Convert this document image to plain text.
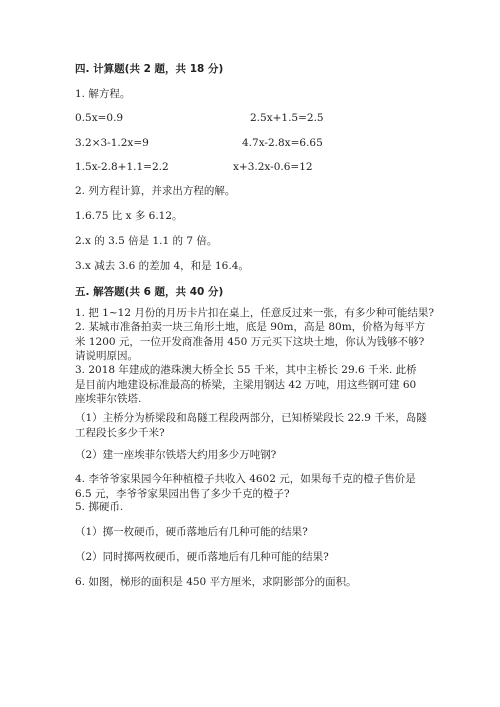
四. 计算题(共 2 题，共 18 分)
1. 解方程。
0.5x=0.9	2.5x+1.5=2.5
3.2×3-1.2x=9	4.7x-2.8x=6.65
1.5x-2.8+1.1=2.2	x+3.2x-0.6=12
2. 列方程计算，并求出方程的解。
1.6.75 比 x 多 6.12。
2.x 的 3.5 倍是 1.1 的 7 倍。
3.x 减去 3.6 的差加 4，和是 16.4。
五. 解答题(共 6 题，共 40 分)
1. 把 1~12 月份的月历卡片扣在桌上，任意反过来一张，有多少种可能结果?
2. 某城市准备拍卖一块三角形土地，底是 90m，高是 80m，价格为每平方米 1200 元，一位开发商准备用 450 万元买下这块土地，你认为钱够不够? 请说明原因。
3. 2018 年建成的港珠澳大桥全长 55 千米，其中主桥长 29.6 千米. 此桥是目前内地建设标准最高的桥梁，主梁用钢达 42 万吨，用这些钢可建 60 座埃菲尔铁塔.
（1）主桥分为桥梁段和岛隧工程段两部分，已知桥梁段长 22.9 千米，岛隧工程段长多少千米?
（2）建一座埃菲尔铁塔大约用多少万吨钢?
4. 李爷爷家果园今年种植橙子共收入 4602 元，如果每千克的橙子售价是 6.5 元，李爷爷家果园出售了多少千克的橙子?
5. 掷硬币.
（1）掷一枚硬币，硬币落地后有几种可能的结果?
（2）同时掷两枚硬币，硬币落地后有几种可能的结果?
6. 如图，梯形的面积是 450 平方厘米，求阴影部分的面积。
